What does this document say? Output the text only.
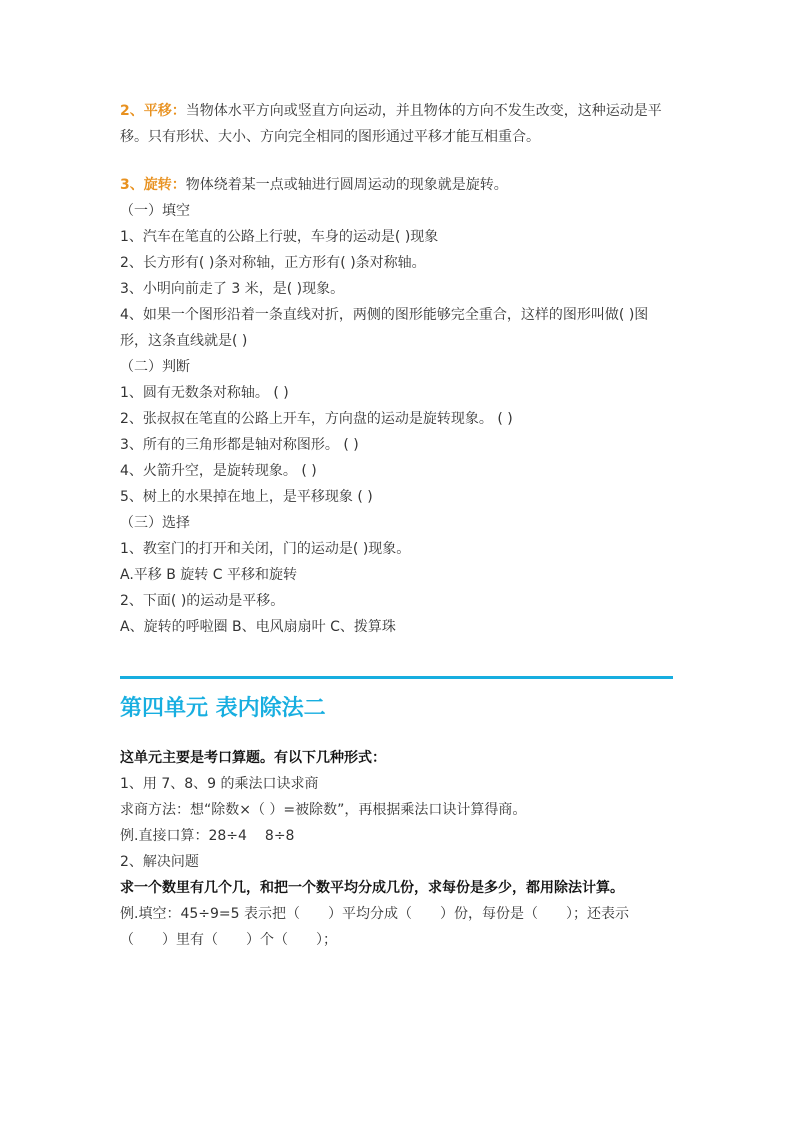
2、平移：当物体水平方向或竖直方向运动，并且物体的方向不发生改变，这种运动是平移。只有形状、大小、方向完全相同的图形通过平移才能互相重合。

3、旋转：物体绕着某一点或轴进行圆周运动的现象就是旋转。

（一）填空

1、汽车在笔直的公路上行驶，车身的运动是( )现象

2、长方形有( )条对称轴，正方形有( )条对称轴。

3、小明向前走了 3 米，是( )现象。

4、如果一个图形沿着一条直线对折，两侧的图形能够完全重合，这样的图形叫做( )图形，这条直线就是( )

（二）判断

1、圆有无数条对称轴。 ( )

2、张叔叔在笔直的公路上开车，方向盘的运动是旋转现象。 ( )

3、所有的三角形都是轴对称图形。 ( )

4、火箭升空，是旋转现象。 ( )

5、树上的水果掉在地上，是平移现象 ( )

（三）选择

1、教室门的打开和关闭，门的运动是( )现象。

A.平移 B 旋转 C 平移和旋转

2、下面( )的运动是平移。

A、旋转的呼啦圈 B、电风扇扇叶 C、拨算珠

第四单元 表内除法二

这单元主要是考口算题。有以下几种形式：

1、用 7、8、9 的乘法口诀求商

求商方法：想“除数×（ ）=被除数”，再根据乘法口诀计算得商。

例.直接口算：28÷4 8÷8

2、解决问题

求一个数里有几个几，和把一个数平均分成几份，求每份是多少，都用除法计算。

例.填空：45÷9=5 表示把（　　）平均分成（　　）份，每份是（　　）；还表示（　　）里有（　　）个（　　）；
